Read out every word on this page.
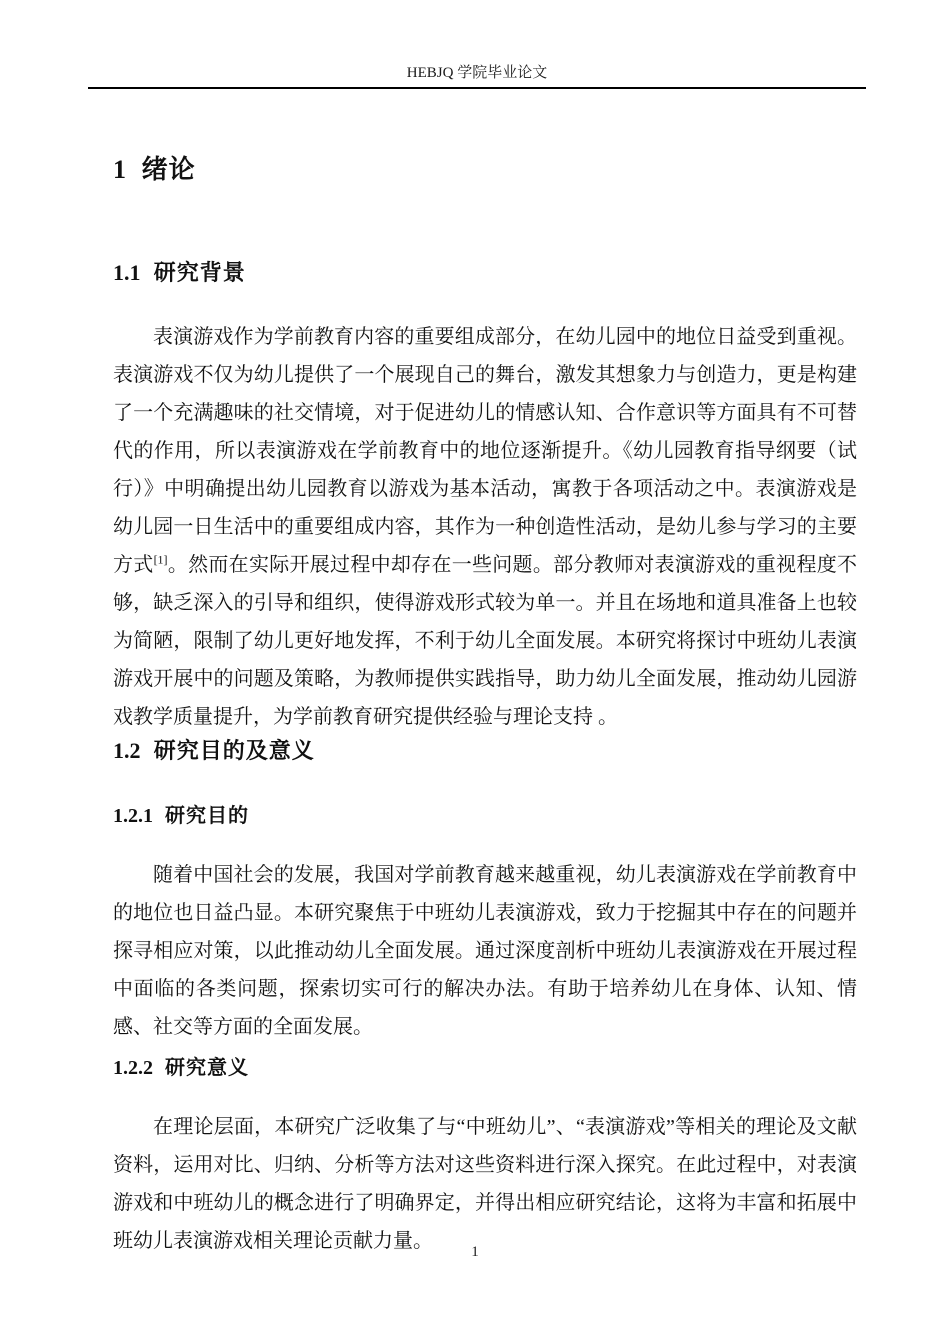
HEBJQ 学院毕业论文
1 绪论
1.1 研究背景

表演游戏作为学前教育内容的重要组成部分，在幼儿园中的地位日益受到重视。表演游戏不仅为幼儿提供了一个展现自己的舞台，激发其想象力与创造力，更是构建了一个充满趣味的社交情境，对于促进幼儿的情感认知、合作意识等方面具有不可替代的作用，所以表演游戏在学前教育中的地位逐渐提升。《幼儿园教育指导纲要（试行）》中明确提出幼儿园教育以游戏为基本活动，寓教于各项活动之中。表演游戏是幼儿园一日生活中的重要组成内容，其作为一种创造性活动，是幼儿参与学习的主要方式[1]。然而在实际开展过程中却存在一些问题。部分教师对表演游戏的重视程度不够，缺乏深入的引导和组织，使得游戏形式较为单一。并且在场地和道具准备上也较为简陋，限制了幼儿更好地发挥，不利于幼儿全面发展。本研究将探讨中班幼儿表演游戏开展中的问题及策略，为教师提供实践指导，助力幼儿全面发展，推动幼儿园游戏教学质量提升，为学前教育研究提供经验与理论支持 。

1.2 研究目的及意义
1.2.1 研究目的

随着中国社会的发展，我国对学前教育越来越重视，幼儿表演游戏在学前教育中的地位也日益凸显。本研究聚焦于中班幼儿表演游戏，致力于挖掘其中存在的问题并探寻相应对策，以此推动幼儿全面发展。通过深度剖析中班幼儿表演游戏在开展过程中面临的各类问题，探索切实可行的解决办法。有助于培养幼儿在身体、认知、情感、社交等方面的全面发展。

1.2.2 研究意义

在理论层面，本研究广泛收集了与“中班幼儿”、“表演游戏”等相关的理论及文献资料，运用对比、归纳、分析等方法对这些资料进行深入探究。在此过程中，对表演游戏和中班幼儿的概念进行了明确界定，并得出相应研究结论，这将为丰富和拓展中班幼儿表演游戏相关理论贡献力量。	1
